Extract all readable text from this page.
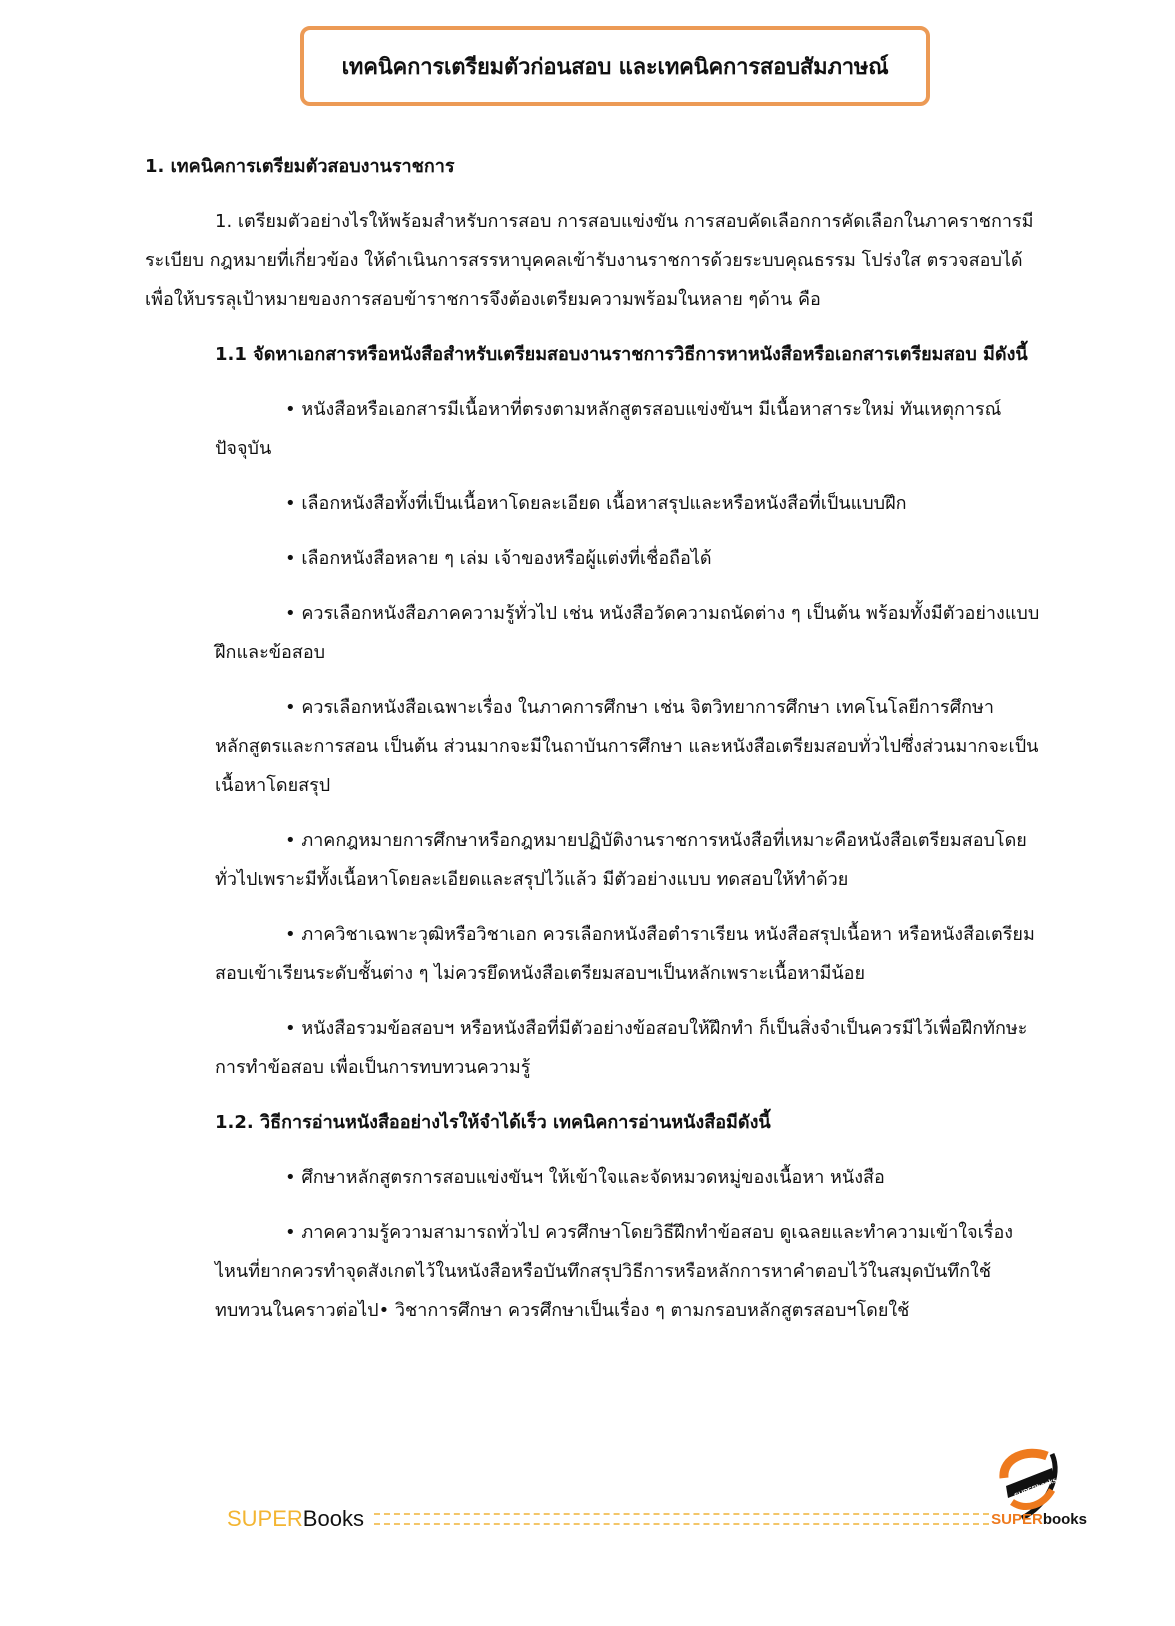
เทคนิคการเตรียมตัวก่อนสอบ และเทคนิคการสอบสัมภาษณ์
1. เทคนิคการเตรียมตัวสอบงานราชการ
1. เตรียมตัวอย่างไรให้พร้อมสำหรับการสอบ การสอบแข่งขัน การสอบคัดเลือกการคัดเลือกในภาคราชการมีระเบียบ กฎหมายที่เกี่ยวข้อง ให้ดำเนินการสรรหาบุคคลเข้ารับงานราชการด้วยระบบคุณธรรม โปร่งใส ตรวจสอบได้ เพื่อให้บรรลุเป้าหมายของการสอบข้าราชการจึงต้องเตรียมความพร้อมในหลาย ๆด้าน คือ
1.1 จัดหาเอกสารหรือหนังสือสำหรับเตรียมสอบงานราชการวิธีการหาหนังสือหรือเอกสารเตรียมสอบ มีดังนี้
• หนังสือหรือเอกสารมีเนื้อหาที่ตรงตามหลักสูตรสอบแข่งขันฯ มีเนื้อหาสาระใหม่ ทันเหตุการณ์ปัจจุบัน
• เลือกหนังสือทั้งที่เป็นเนื้อหาโดยละเอียด เนื้อหาสรุปและหรือหนังสือที่เป็นแบบฝึก
• เลือกหนังสือหลาย ๆ เล่ม เจ้าของหรือผู้แต่งที่เชื่อถือได้
• ควรเลือกหนังสือภาคความรู้ทั่วไป เช่น หนังสือวัดความถนัดต่าง ๆ เป็นต้น พร้อมทั้งมีตัวอย่างแบบฝึกและข้อสอบ
• ควรเลือกหนังสือเฉพาะเรื่อง ในภาคการศึกษา เช่น จิตวิทยาการศึกษา เทคโนโลยีการศึกษาหลักสูตรและการสอน เป็นต้น ส่วนมากจะมีในถาบันการศึกษา และหนังสือเตรียมสอบทั่วไปซึ่งส่วนมากจะเป็นเนื้อหาโดยสรุป
• ภาคกฎหมายการศึกษาหรือกฎหมายปฏิบัติงานราชการหนังสือที่เหมาะคือหนังสือเตรียมสอบโดยทั่วไปเพราะมีทั้งเนื้อหาโดยละเอียดและสรุปไว้แล้ว มีตัวอย่างแบบ ทดสอบให้ทำด้วย
• ภาควิชาเฉพาะวุฒิหรือวิชาเอก ควรเลือกหนังสือตำราเรียน หนังสือสรุปเนื้อหา หรือหนังสือเตรียมสอบเข้าเรียนระดับชั้นต่าง ๆ ไม่ควรยึดหนังสือเตรียมสอบฯเป็นหลักเพราะเนื้อหามีน้อย
• หนังสือรวมข้อสอบฯ หรือหนังสือที่มีตัวอย่างข้อสอบให้ฝึกทำ ก็เป็นสิ่งจำเป็นควรมีไว้เพื่อฝึกทักษะการทำข้อสอบ เพื่อเป็นการทบทวนความรู้
1.2. วิธีการอ่านหนังสืออย่างไรให้จำได้เร็ว เทคนิคการอ่านหนังสือมีดังนี้
• ศึกษาหลักสูตรการสอบแข่งขันฯ ให้เข้าใจและจัดหมวดหมู่ของเนื้อหา หนังสือ
• ภาคความรู้ความสามารถทั่วไป ควรศึกษาโดยวิธีฝึกทำข้อสอบ ดูเฉลยและทำความเข้าใจเรื่องไหนที่ยากควรทำจุดสังเกตไว้ในหนังสือหรือบันทึกสรุปวิธีการหรือหลักการหาคำตอบไว้ในสมุดบันทึกใช้ทบทวนในคราวต่อไป• วิชาการศึกษา ควรศึกษาเป็นเรื่อง ๆ ตามกรอบหลักสูตรสอบฯโดยใช้
SUPERbooks
SUPER Books	SUPER books
